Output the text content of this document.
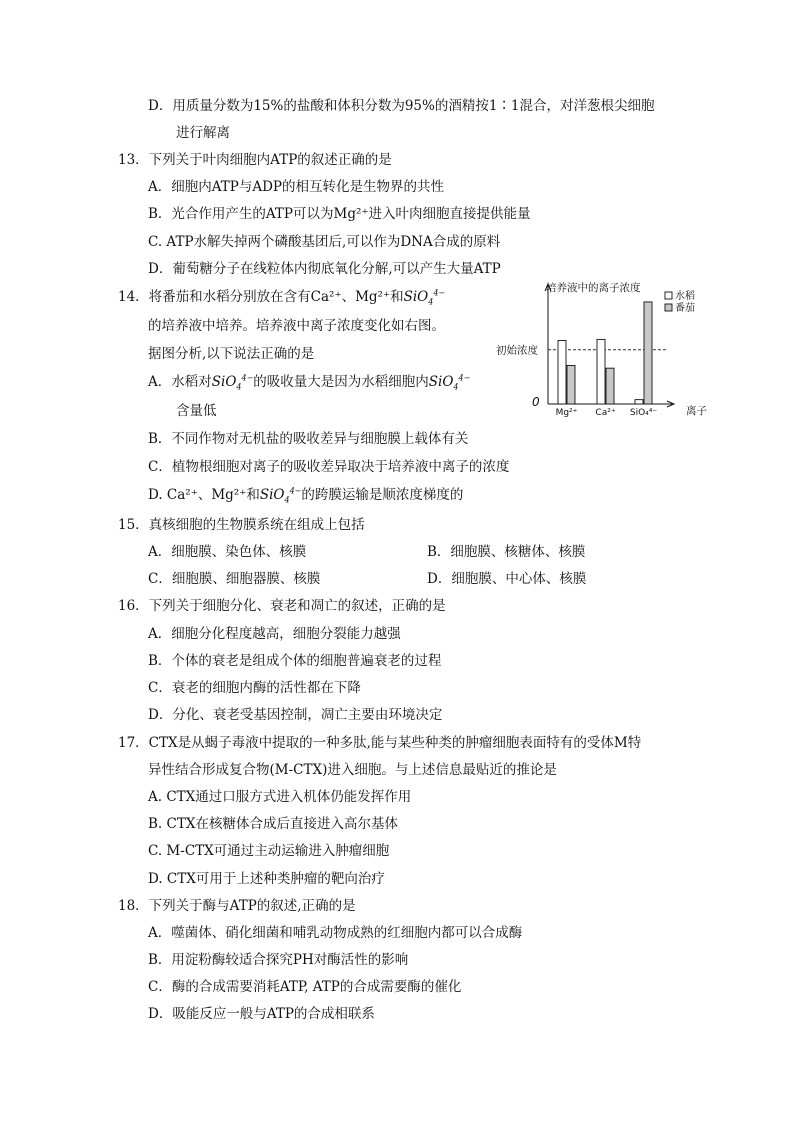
D．用质量分数为15%的盐酸和体积分数为95%的酒精按1∶1混合，对洋葱根尖细胞
进行解离
13．下列关于叶肉细胞内ATP的叙述正确的是
A．细胞内ATP与ADP的相互转化是生物界的共性
B．光合作用产生的ATP可以为Mg²⁺进入叶肉细胞直接提供能量
C. ATP水解失掉两个磷酸基团后,可以作为DNA合成的原料
D．葡萄糖分子在线粒体内彻底氧化分解,可以产生大量ATP
14．将番茄和水稻分别放在含有Ca²⁺、Mg²⁺和SiO$_4^{4-}$
的培养液中培养。培养液中离子浓度变化如右图。
据图分析,以下说法正确的是
A．水稻对SiO$_4^{4-}$的吸收量大是因为水稻细胞内SiO$_4^{4-}$
含量低
B．不同作物对无机盐的吸收差异与细胞膜上载体有关
C．植物根细胞对离子的吸收差异取决于培养液中离子的浓度
D. Ca²⁺、Mg²⁺和SiO$_4^{4-}$的跨膜运输是顺浓度梯度的
培养液中的离子浓度
0
初始浓度
Mg²⁺ Ca²⁺ SiO₄⁴⁻	离子
水稻
番茄
15．真核细胞的生物膜系统在组成上包括
A．细胞膜、染色体、核膜	B．细胞膜、核糖体、核膜
C．细胞膜、细胞器膜、核膜	D．细胞膜、中心体、核膜
16．下列关于细胞分化、衰老和凋亡的叙述，正确的是
A．细胞分化程度越高，细胞分裂能力越强
B．个体的衰老是组成个体的细胞普遍衰老的过程
C．衰老的细胞内酶的活性都在下降
D．分化、衰老受基因控制，凋亡主要由环境决定
17．CTX是从蝎子毒液中提取的一种多肽,能与某些种类的肿瘤细胞表面特有的受体M特
异性结合形成复合物(M-CTX)进入细胞。与上述信息最贴近的推论是
A. CTX通过口服方式进入机体仍能发挥作用
B. CTX在核糖体合成后直接进入高尔基体
C. M-CTX可通过主动运输进入肿瘤细胞
D. CTX可用于上述种类肿瘤的靶向治疗
18．下列关于酶与ATP的叙述,正确的是
A．噬菌体、硝化细菌和哺乳动物成熟的红细胞内都可以合成酶
B．用淀粉酶较适合探究PH对酶活性的影响
C．酶的合成需要消耗ATP, ATP的合成需要酶的催化
D．吸能反应一般与ATP的合成相联系
